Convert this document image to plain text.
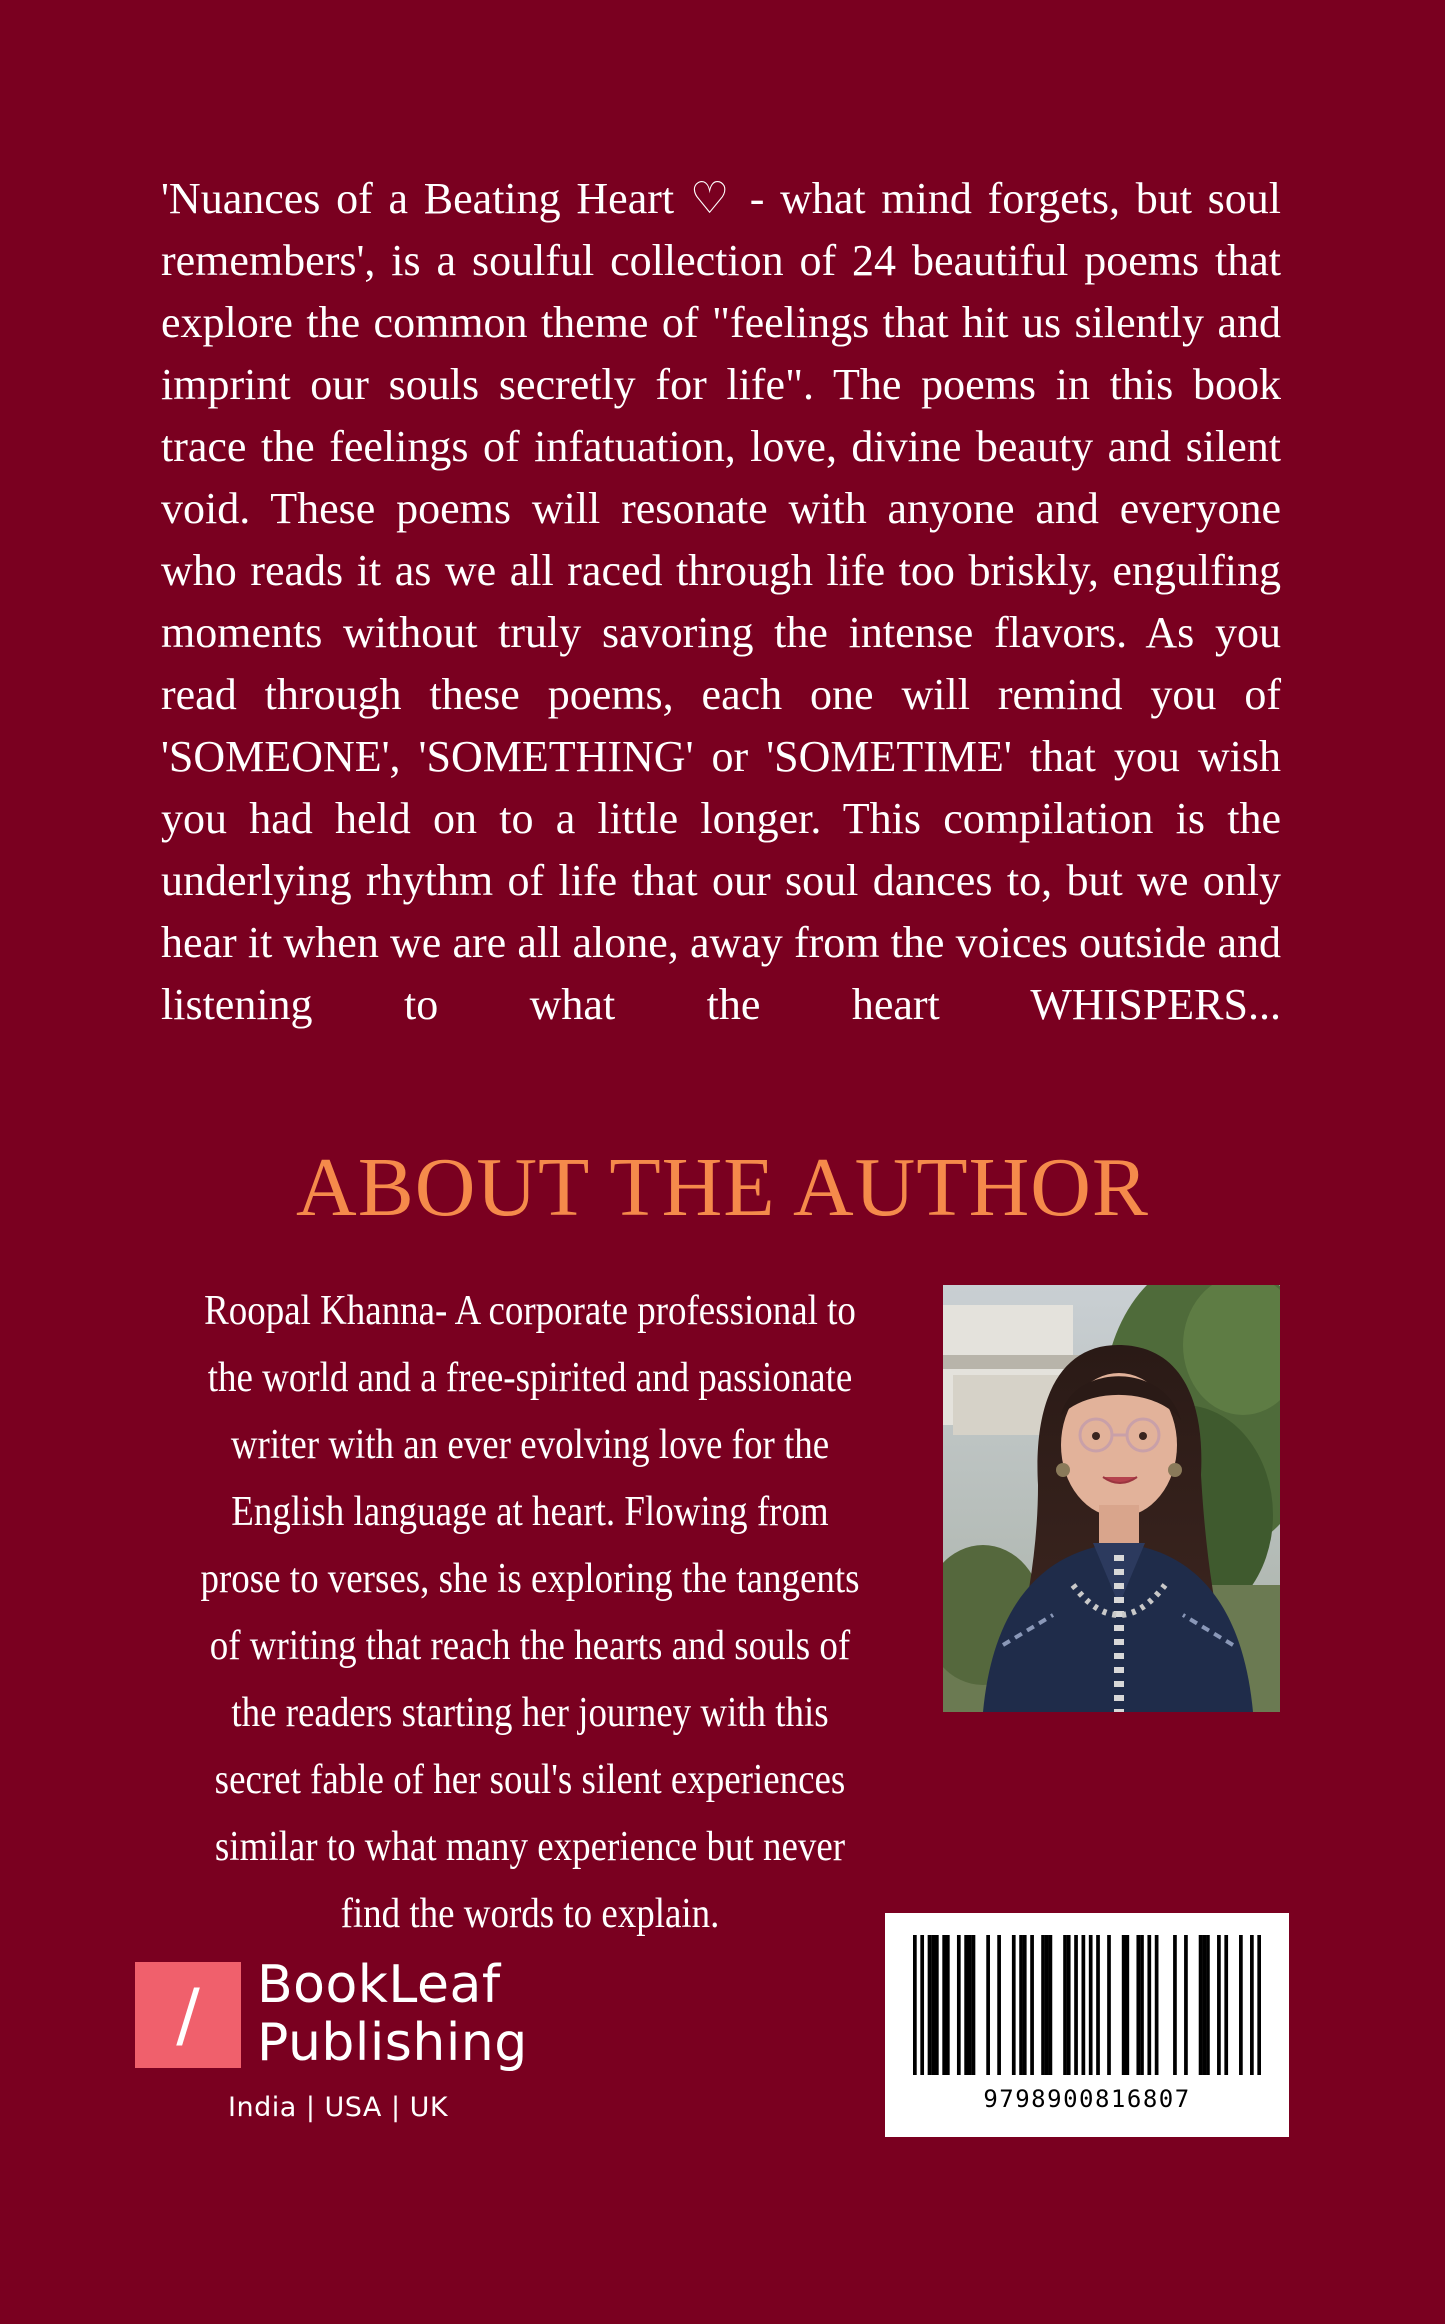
'Nuances of a Beating Heart ♡ - what mind forgets, but soul remembers', is a soulful collection of 24 beautiful poems that explore the common theme of "feelings that hit us silently and imprint our souls secretly for life". The poems in this book trace the feelings of infatuation, love, divine beauty and silent void. These poems will resonate with anyone and everyone who reads it as we all raced through life too briskly, engulfing moments without truly savoring the intense flavors. As you read through these poems, each one will remind you of 'SOMEONE', 'SOMETHING' or 'SOMETIME' that you wish you had held on to a little longer. This compilation is the underlying rhythm of life that our soul dances to, but we only hear it when we are all alone, away from the voices outside and listening to what the heart WHISPERS...

ABOUT THE AUTHOR

Roopal Khanna- A corporate professional to the world and a free-spirited and passionate writer with an ever evolving love for the English language at heart. Flowing from prose to verses, she is exploring the tangents of writing that reach the hearts and souls of the readers starting her journey with this secret fable of her soul's silent experiences similar to what many experience but never find the words to explain.

/	BookLeaf
Publishing
India | USA | UK	9798900816807
